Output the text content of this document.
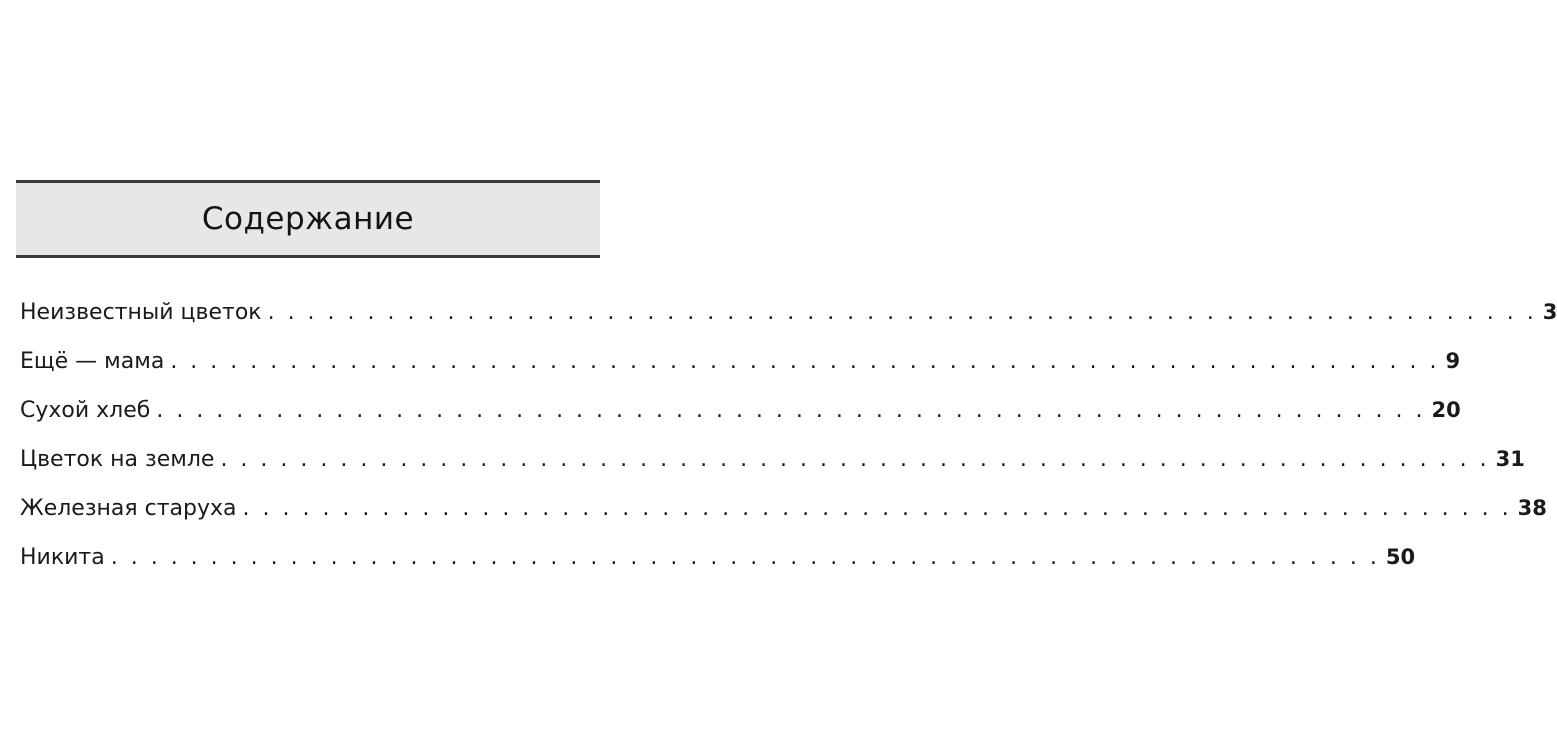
Содержание
Неизвестный цветок . . . . . . . . . . . . . . . . . . . . . . . . . . . . . . . . . . . . . . . . . . . . . . . . . . . . . . . . . . . . . . . . 3
Ещё — мама . . . . . . . . . . . . . . . . . . . . . . . . . . . . . . . . . . . . . . . . . . . . . . . . . . . . . . . . . . . . . . . . 9
Сухой хлеб . . . . . . . . . . . . . . . . . . . . . . . . . . . . . . . . . . . . . . . . . . . . . . . . . . . . . . . . . . . . . . . . 20
Цветок на земле . . . . . . . . . . . . . . . . . . . . . . . . . . . . . . . . . . . . . . . . . . . . . . . . . . . . . . . . . . . . . . . . 31
Железная старуха . . . . . . . . . . . . . . . . . . . . . . . . . . . . . . . . . . . . . . . . . . . . . . . . . . . . . . . . . . . . . . . . 38
Никита . . . . . . . . . . . . . . . . . . . . . . . . . . . . . . . . . . . . . . . . . . . . . . . . . . . . . . . . . . . . . . . . 50
